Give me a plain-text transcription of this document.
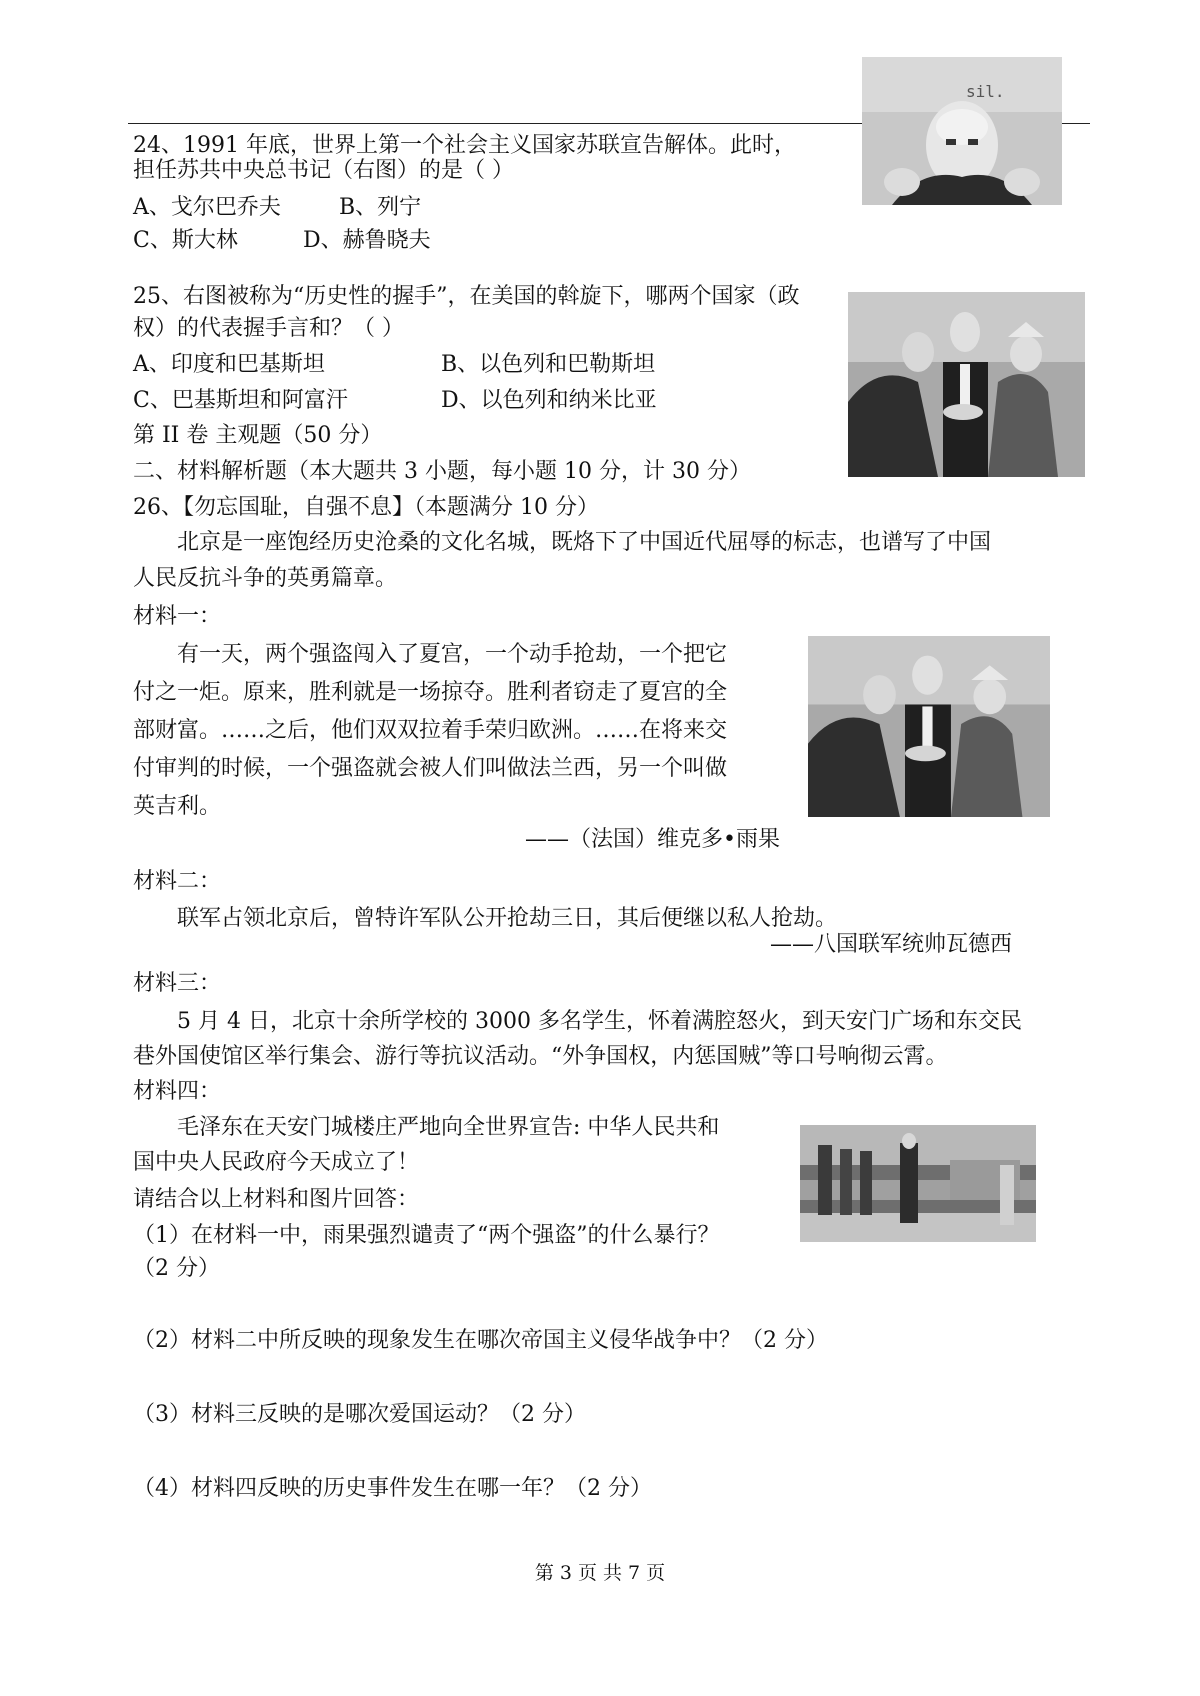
24、1991 年底，世界上第一个社会主义国家苏联宣告解体。此时，
担任苏共中央总书记（右图）的是（ ）
A、戈尔巴乔夫	B、列宁
C、斯大林	D、赫鲁晓夫
sil.
25、右图被称为“历史性的握手”，在美国的斡旋下，哪两个国家（政
权）的代表握手言和？（ ）
A、印度和巴基斯坦	B、以色列和巴勒斯坦
C、巴基斯坦和阿富汗	D、以色列和纳米比亚
第 II 卷 主观题（50 分）
二、材料解析题（本大题共 3 小题，每小题 10 分，计 30 分）
26、【勿忘国耻，自强不息】（本题满分 10 分）
北京是一座饱经历史沧桑的文化名城，既烙下了中国近代屈辱的标志，也谱写了中国
人民反抗斗争的英勇篇章。
材料一：
有一天，两个强盗闯入了夏宫，一个动手抢劫，一个把它
付之一炬。原来，胜利就是一场掠夺。胜利者窃走了夏宫的全
部财富。……之后，他们双双拉着手荣归欧洲。……在将来交
付审判的时候，一个强盗就会被人们叫做法兰西，另一个叫做
英吉利。
——（法国）维克多•雨果
材料二：
联军占领北京后，曾特许军队公开抢劫三日，其后便继以私人抢劫。
——八国联军统帅瓦德西
材料三：
5 月 4 日，北京十余所学校的 3000 多名学生，怀着满腔怒火，到天安门广场和东交民
巷外国使馆区举行集会、游行等抗议活动。“外争国权，内惩国贼”等口号响彻云霄。
材料四：
毛泽东在天安门城楼庄严地向全世界宣告: 中华人民共和
国中央人民政府今天成立了！
请结合以上材料和图片回答：
（1）在材料一中，雨果强烈谴责了“两个强盗”的什么暴行？
（2 分）
（2）材料二中所反映的现象发生在哪次帝国主义侵华战争中？（2 分）
（3）材料三反映的是哪次爱国运动？（2 分）
（4）材料四反映的历史事件发生在哪一年？（2 分）
第 3 页 共 7 页
